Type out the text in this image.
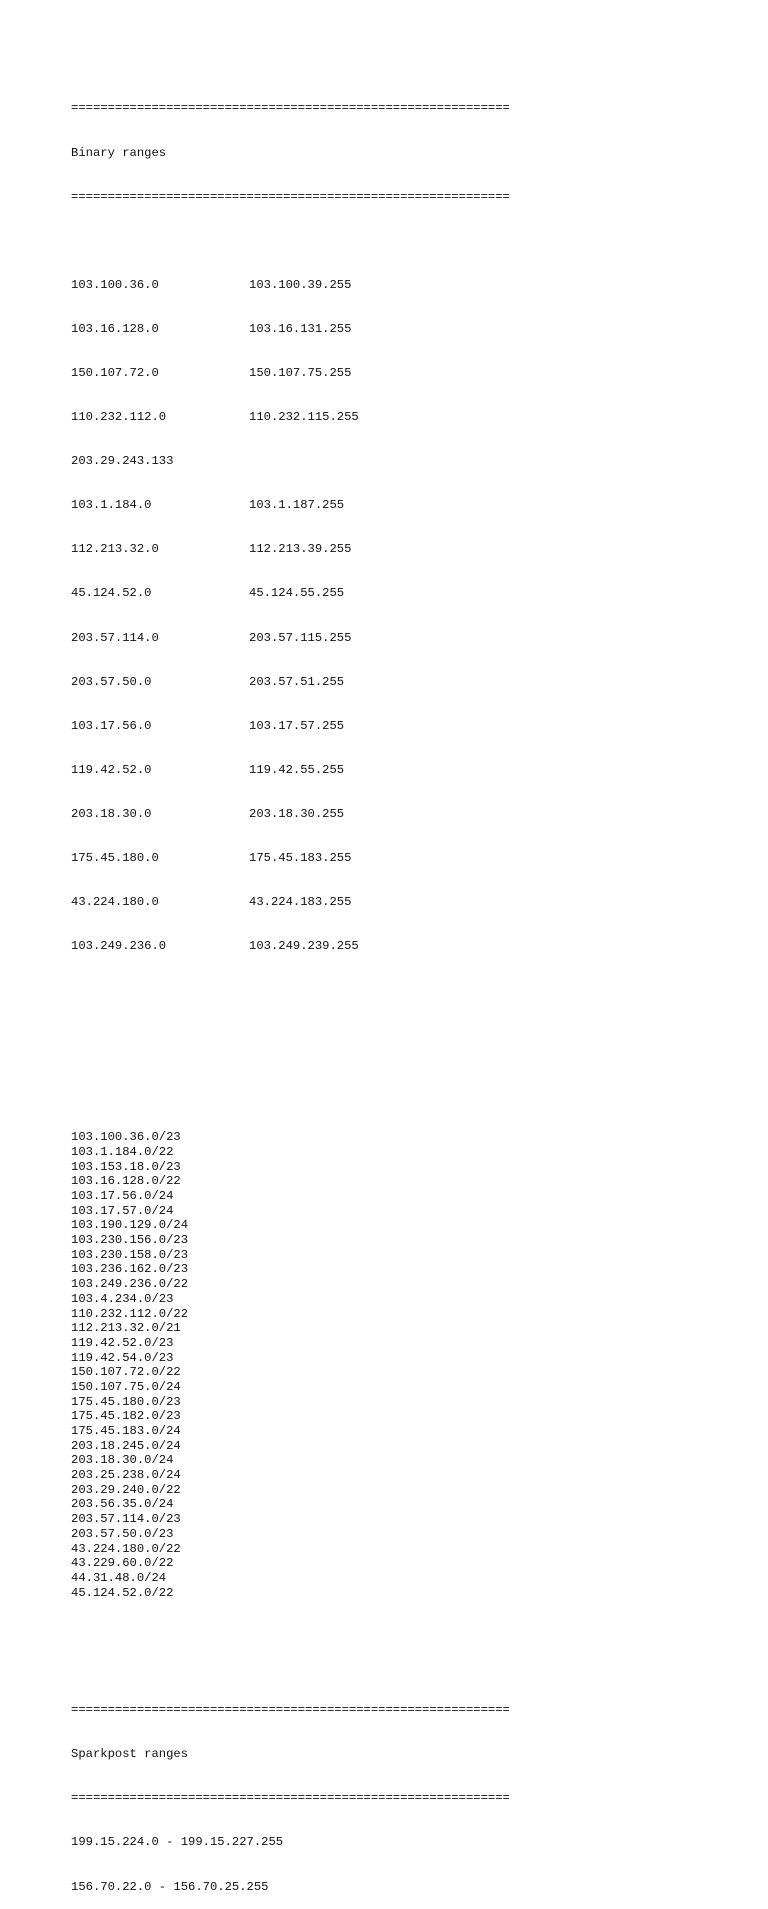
============================================================

Binary ranges

============================================================

103.100.36.0	103.100.39.255

103.16.128.0	103.16.131.255

150.107.72.0	150.107.75.255

110.232.112.0	110.232.115.255

203.29.243.133

103.1.184.0	103.1.187.255

112.213.32.0	112.213.39.255

45.124.52.0	45.124.55.255

203.57.114.0	203.57.115.255

203.57.50.0	203.57.51.255

103.17.56.0	103.17.57.255

119.42.52.0	119.42.55.255

203.18.30.0	203.18.30.255

175.45.180.0	175.45.183.255

43.224.180.0	43.224.183.255

103.249.236.0	103.249.239.255

103.100.36.0/23
103.1.184.0/22
103.153.18.0/23
103.16.128.0/22
103.17.56.0/24
103.17.57.0/24
103.190.129.0/24
103.230.156.0/23
103.230.158.0/23
103.236.162.0/23
103.249.236.0/22
103.4.234.0/23
110.232.112.0/22
112.213.32.0/21
119.42.52.0/23
119.42.54.0/23
150.107.72.0/22
150.107.75.0/24
175.45.180.0/23
175.45.182.0/23
175.45.183.0/24
203.18.245.0/24
203.18.30.0/24
203.25.238.0/24
203.29.240.0/22
203.56.35.0/24
203.57.114.0/23
203.57.50.0/23
43.224.180.0/22
43.229.60.0/22
44.31.48.0/24
45.124.52.0/22

============================================================

Sparkpost ranges

============================================================

199.15.224.0 - 199.15.227.255

156.70.22.0 - 156.70.25.255
